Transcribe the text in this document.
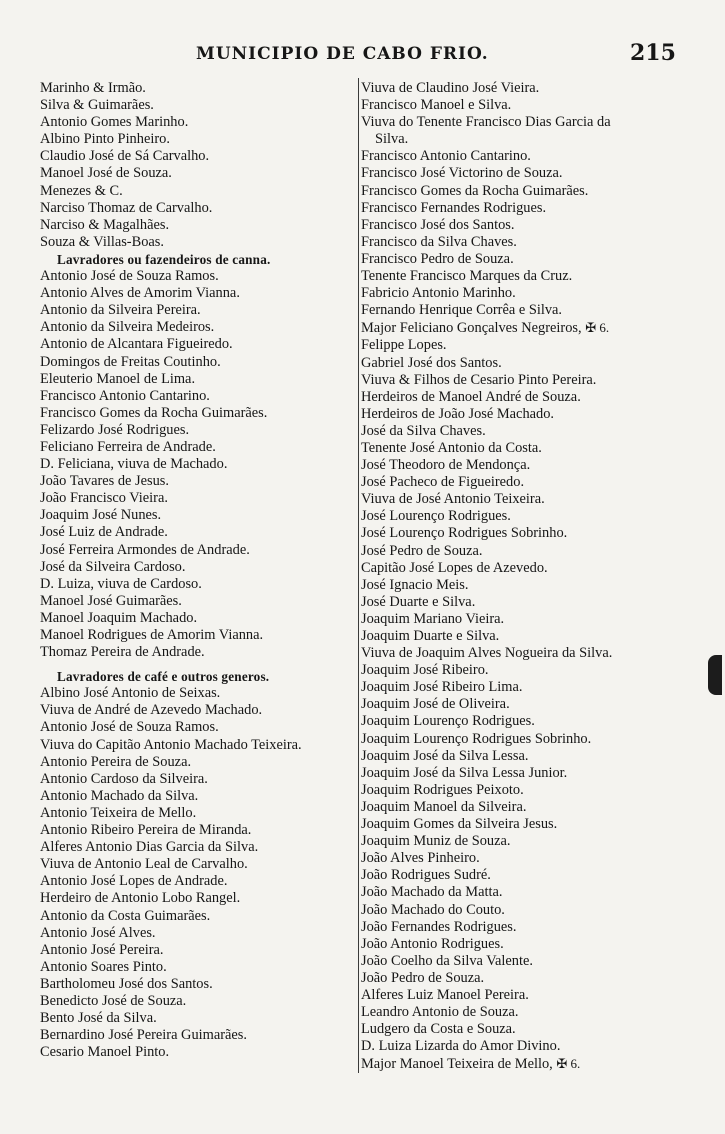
MUNICIPIO DE CABO FRIO.	215
Marinho & Irmão.
Silva & Guimarães.
Antonio Gomes Marinho.
Albino Pinto Pinheiro.
Claudio José de Sá Carvalho.
Manoel José de Souza.
Menezes & C.
Narciso Thomaz de Carvalho.
Narciso & Magalhães.
Souza & Villas-Boas.
Lavradores ou fazendeiros de canna.
Antonio José de Souza Ramos.
Antonio Alves de Amorim Vianna.
Antonio da Silveira Pereira.
Antonio da Silveira Medeiros.
Antonio de Alcantara Figueiredo.
Domingos de Freitas Coutinho.
Eleuterio Manoel de Lima.
Francisco Antonio Cantarino.
Francisco Gomes da Rocha Guimarães.
Felizardo José Rodrigues.
Feliciano Ferreira de Andrade.
D. Feliciana, viuva de Machado.
João Tavares de Jesus.
João Francisco Vieira.
Joaquim José Nunes.
José Luiz de Andrade.
José Ferreira Armondes de Andrade.
José da Silveira Cardoso.
D. Luiza, viuva de Cardoso.
Manoel José Guimarães.
Manoel Joaquim Machado.
Manoel Rodrigues de Amorim Vianna.
Thomaz Pereira de Andrade.
Lavradores de café e outros generos.
Albino José Antonio de Seixas.
Viuva de André de Azevedo Machado.
Antonio José de Souza Ramos.
Viuva do Capitão Antonio Machado Teixeira.
Antonio Pereira de Souza.
Antonio Cardoso da Silveira.
Antonio Machado da Silva.
Antonio Teixeira de Mello.
Antonio Ribeiro Pereira de Miranda.
Alferes Antonio Dias Garcia da Silva.
Viuva de Antonio Leal de Carvalho.
Antonio José Lopes de Andrade.
Herdeiro de Antonio Lobo Rangel.
Antonio da Costa Guimarães.
Antonio José Alves.
Antonio José Pereira.
Antonio Soares Pinto.
Bartholomeu José dos Santos.
Benedicto José de Souza.
Bento José da Silva.
Bernardino José Pereira Guimarães.
Cesario Manoel Pinto.
Viuva de Claudino José Vieira.
Francisco Manoel e Silva.
Viuva do Tenente Francisco Dias Garcia da
Silva.
Francisco Antonio Cantarino.
Francisco José Victorino de Souza.
Francisco Gomes da Rocha Guimarães.
Francisco Fernandes Rodrigues.
Francisco José dos Santos.
Francisco da Silva Chaves.
Francisco Pedro de Souza.
Tenente Francisco Marques da Cruz.
Fabricio Antonio Marinho.
Fernando Henrique Corrêa e Silva.
Major Feliciano Gonçalves Negreiros, ✠ 6.
Felippe Lopes.
Gabriel José dos Santos.
Viuva & Filhos de Cesario Pinto Pereira.
Herdeiros de Manoel André de Souza.
Herdeiros de João José Machado.
José da Silva Chaves.
Tenente José Antonio da Costa.
José Theodoro de Mendonça.
José Pacheco de Figueiredo.
Viuva de José Antonio Teixeira.
José Lourenço Rodrigues.
José Lourenço Rodrigues Sobrinho.
José Pedro de Souza.
Capitão José Lopes de Azevedo.
José Ignacio Meis.
José Duarte e Silva.
Joaquim Mariano Vieira.
Joaquim Duarte e Silva.
Viuva de Joaquim Alves Nogueira da Silva.
Joaquim José Ribeiro.
Joaquim José Ribeiro Lima.
Joaquim José de Oliveira.
Joaquim Lourenço Rodrigues.
Joaquim Lourenço Rodrigues Sobrinho.
Joaquim José da Silva Lessa.
Joaquim José da Silva Lessa Junior.
Joaquim Rodrigues Peixoto.
Joaquim Manoel da Silveira.
Joaquim Gomes da Silveira Jesus.
Joaquim Muniz de Souza.
João Alves Pinheiro.
João Rodrigues Sudré.
João Machado da Matta.
João Machado do Couto.
João Fernandes Rodrigues.
João Antonio Rodrigues.
João Coelho da Silva Valente.
João Pedro de Souza.
Alferes Luiz Manoel Pereira.
Leandro Antonio de Souza.
Ludgero da Costa e Souza.
D. Luiza Lizarda do Amor Divino.
Major Manoel Teixeira de Mello, ✠ 6.
